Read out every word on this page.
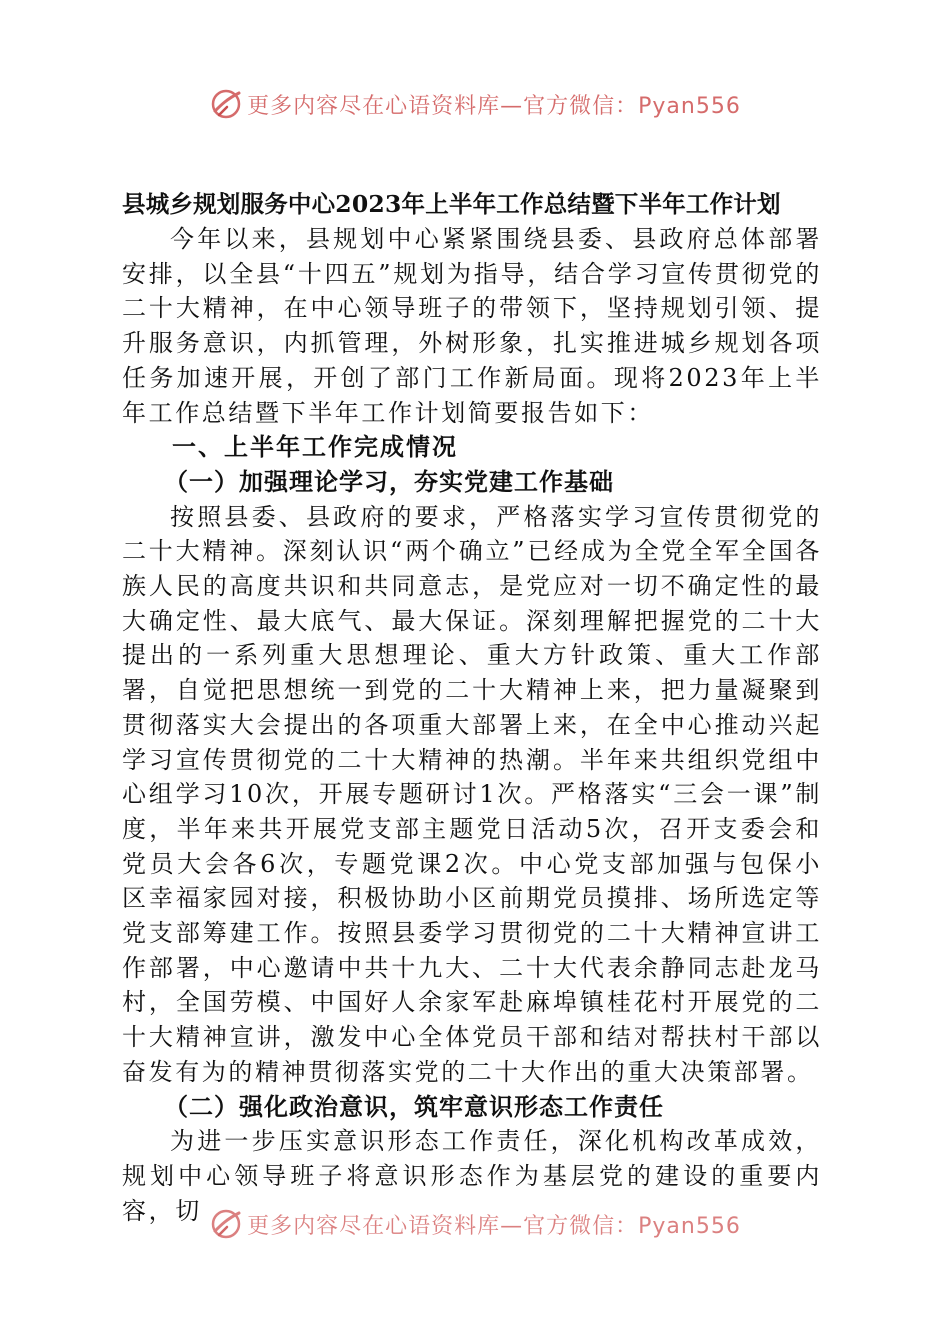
更多内容尽在心语资料库—官方微信：Pyan556

县城乡规划服务中心2023年上半年工作总结暨下半年工作计划

今年以来，县规划中心紧紧围绕县委、县政府总体部署安排，以全县“十四五”规划为指导，结合学习宣传贯彻党的二十大精神，在中心领导班子的带领下，坚持规划引领、提升服务意识，内抓管理，外树形象，扎实推进城乡规划各项任务加速开展，开创了部门工作新局面。现将2023年上半年工作总结暨下半年工作计划简要报告如下：

一、上半年工作完成情况

（一）加强理论学习，夯实党建工作基础

按照县委、县政府的要求，严格落实学习宣传贯彻党的二十大精神。深刻认识“两个确立”已经成为全党全军全国各族人民的高度共识和共同意志，是党应对一切不确定性的最大确定性、最大底气、最大保证。深刻理解把握党的二十大提出的一系列重大思想理论、重大方针政策、重大工作部署，自觉把思想统一到党的二十大精神上来，把力量凝聚到贯彻落实大会提出的各项重大部署上来，在全中心推动兴起学习宣传贯彻党的二十大精神的热潮。半年来共组织党组中心组学习10次，开展专题研讨1次。严格落实“三会一课”制度，半年来共开展党支部主题党日活动5次，召开支委会和党员大会各6次，专题党课2次。中心党支部加强与包保小区幸福家园对接，积极协助小区前期党员摸排、场所选定等党支部筹建工作。按照县委学习贯彻党的二十大精神宣讲工作部署，中心邀请中共十九大、二十大代表余静同志赴龙马村，全国劳模、中国好人余家军赴麻埠镇桂花村开展党的二十大精神宣讲，激发中心全体党员干部和结对帮扶村干部以奋发有为的精神贯彻落实党的二十大作出的重大决策部署。

（二）强化政治意识，筑牢意识形态工作责任

为进一步压实意识形态工作责任，深化机构改革成效，规划中心领导班子将意识形态作为基层党的建设的重要内容，切

更多内容尽在心语资料库—官方微信：Pyan556
